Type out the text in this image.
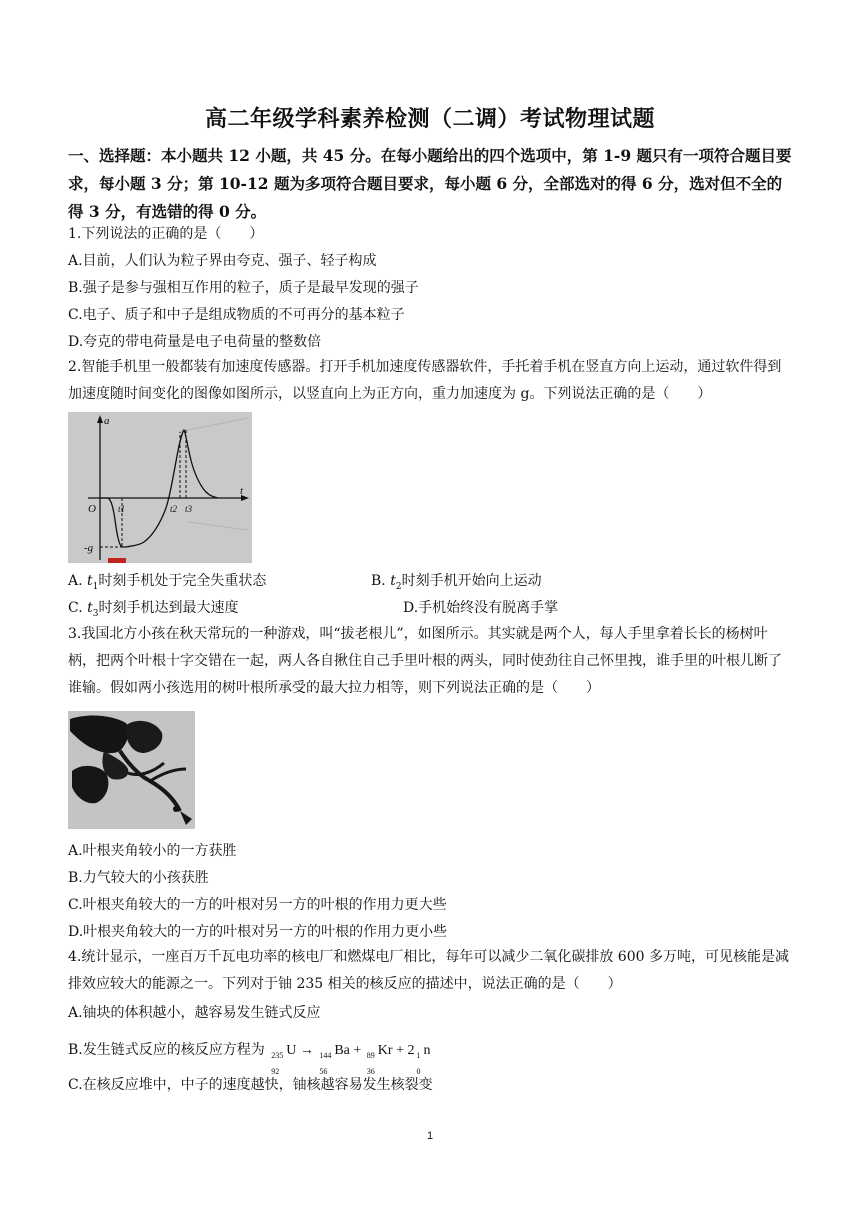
高二年级学科素养检测（二调）考试物理试题
一、选择题：本小题共 12 小题，共 45 分。在每小题给出的四个选项中，第 1-9 题只有一项符合题目要求，每小题 3 分；第 10-12 题为多项符合题目要求，每小题 6 分，全部选对的得 6 分，选对但不全的得 3 分，有选错的得 0 分。
1.下列说法的正确的是（　　）
A.目前，人们认为粒子界由夸克、强子、轻子构成
B.强子是参与强相互作用的粒子，质子是最早发现的强子
C.电子、质子和中子是组成物质的不可再分的基本粒子
D.夸克的带电荷量是电子电荷量的整数倍
2.智能手机里一般都装有加速度传感器。打开手机加速度传感器软件，手托着手机在竖直方向上运动，通过软件得到加速度随时间变化的图像如图所示，以竖直向上为正方向，重力加速度为 g。下列说法正确的是（　　）
a
t
O
-g
t1	t2 t3
A. $t_1$时刻手机处于完全失重状态	B. $t_2$时刻手机开始向上运动
C. $t_3$时刻手机达到最大速度	D.手机始终没有脱离手掌
3.我国北方小孩在秋天常玩的一种游戏，叫“拔老根儿”，如图所示。其实就是两个人，每人手里拿着长长的杨树叶柄，把两个叶根十字交错在一起，两人各自揪住自己手里叶根的两头，同时使劲往自己怀里拽，谁手里的叶根儿断了谁输。假如两小孩选用的树叶根所承受的最大拉力相等，则下列说法正确的是（　　）
A.叶根夹角较小的一方获胜
B.力气较大的小孩获胜
C.叶根夹角较大的一方的叶根对另一方的叶根的作用力更大些
D.叶根夹角较大的一方的叶根对另一方的叶根的作用力更小些
4.统计显示，一座百万千瓦电功率的核电厂和燃煤电厂相比，每年可以减少二氧化碳排放 600 多万吨，可见核能是减排效应较大的能源之一。下列对于铀 235 相关的核反应的描述中，说法正确的是（　　）
A.铀块的体积越小，越容易发生链式反应
B.发生链式反应的核反应方程为 235
92
U → 144
56
Ba + 89
36
Kr + 2 1
0
n
C.在核反应堆中，中子的速度越快，铀核越容易发生核裂变
1
